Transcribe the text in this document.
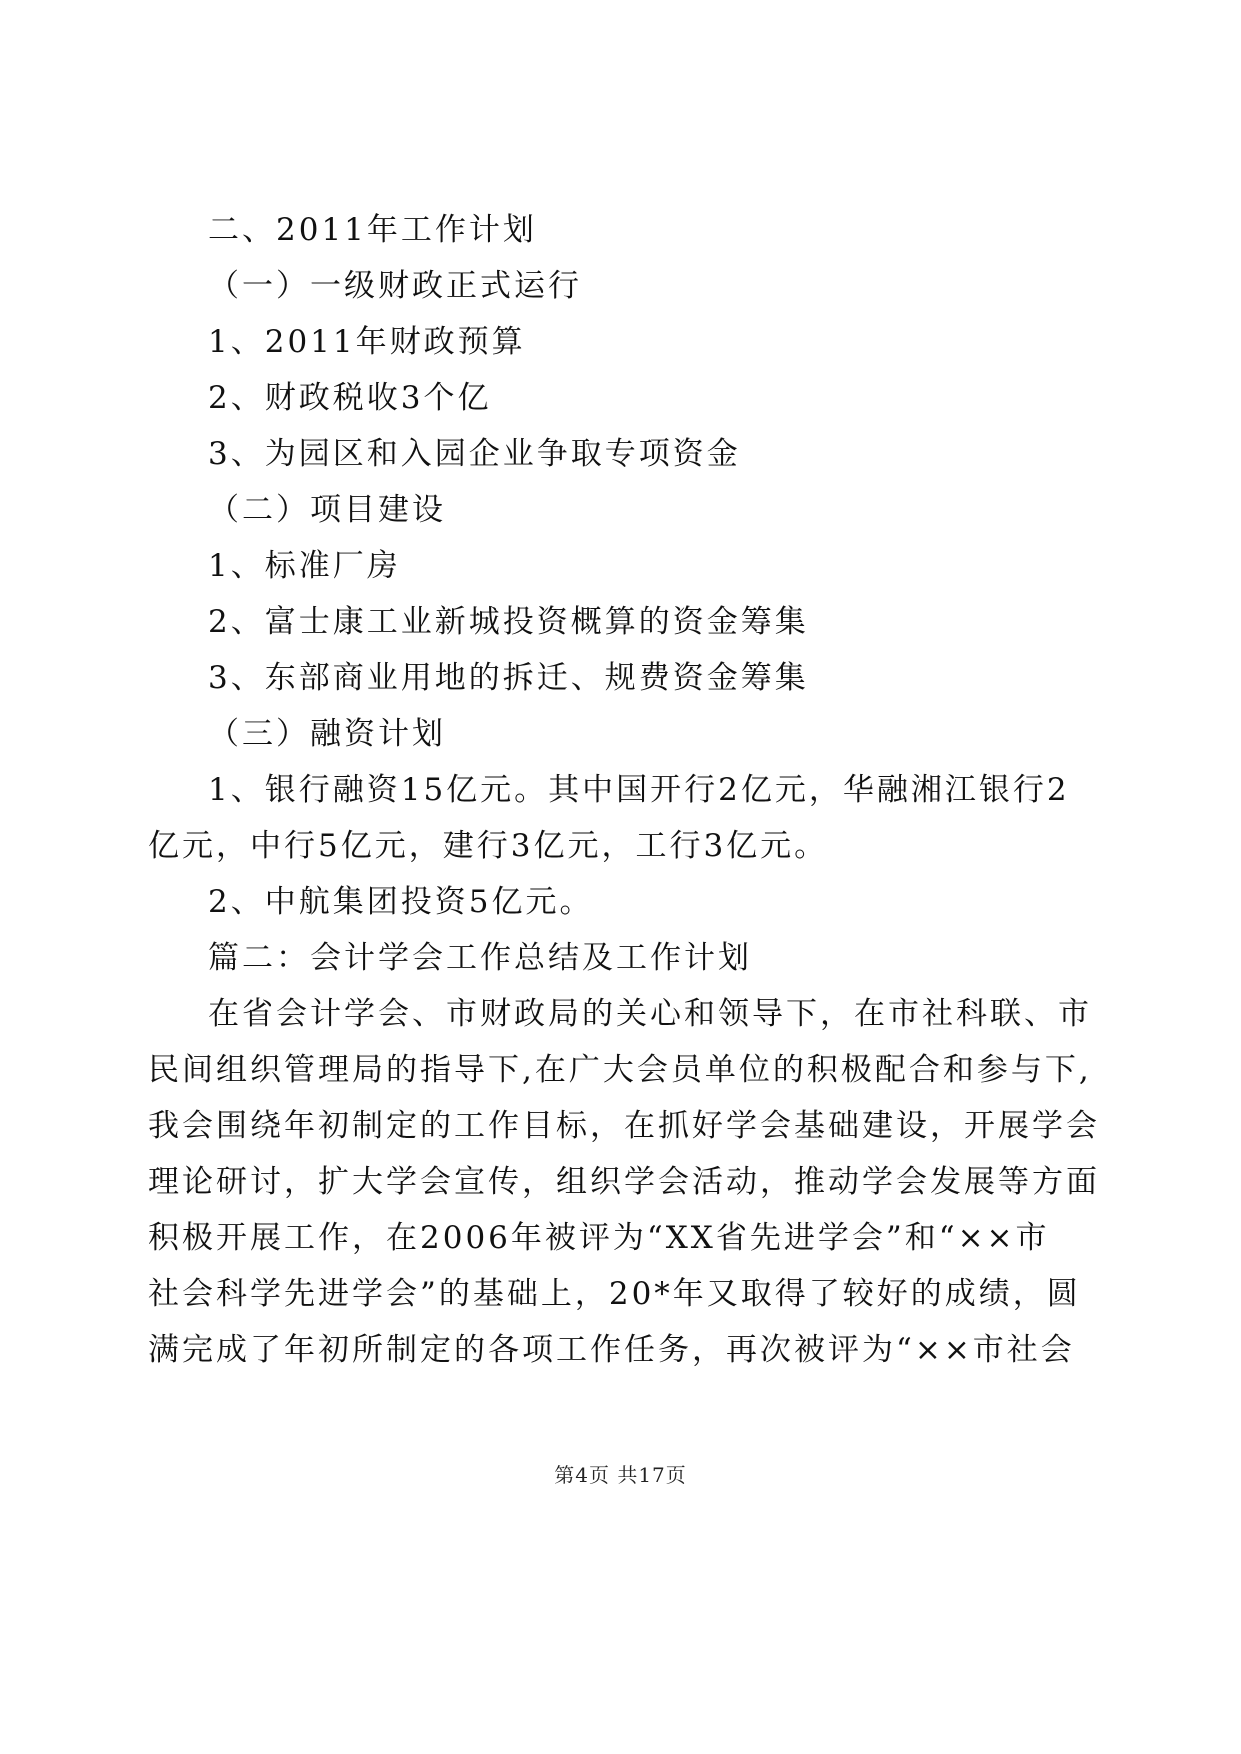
二、2011年工作计划
（一）一级财政正式运行
1、2011年财政预算
2、财政税收3个亿
3、为园区和入园企业争取专项资金
（二）项目建设
1、标准厂房
2、富士康工业新城投资概算的资金筹集
3、东部商业用地的拆迁、规费资金筹集
（三）融资计划
1、银行融资15亿元。其中国开行2亿元，华融湘江银行2
亿元，中行5亿元，建行3亿元，工行3亿元。
2、中航集团投资5亿元。
篇二：会计学会工作总结及工作计划
在省会计学会、市财政局的关心和领导下，在市社科联、市
民间组织管理局的指导下,在广大会员单位的积极配合和参与下,
我会围绕年初制定的工作目标，在抓好学会基础建设，开展学会
理论研讨，扩大学会宣传，组织学会活动，推动学会发展等方面
积极开展工作，在2006年被评为“XX省先进学会”和“××市
社会科学先进学会”的基础上，20*年又取得了较好的成绩，圆
满完成了年初所制定的各项工作任务，再次被评为“××市社会
第4页 共17页
